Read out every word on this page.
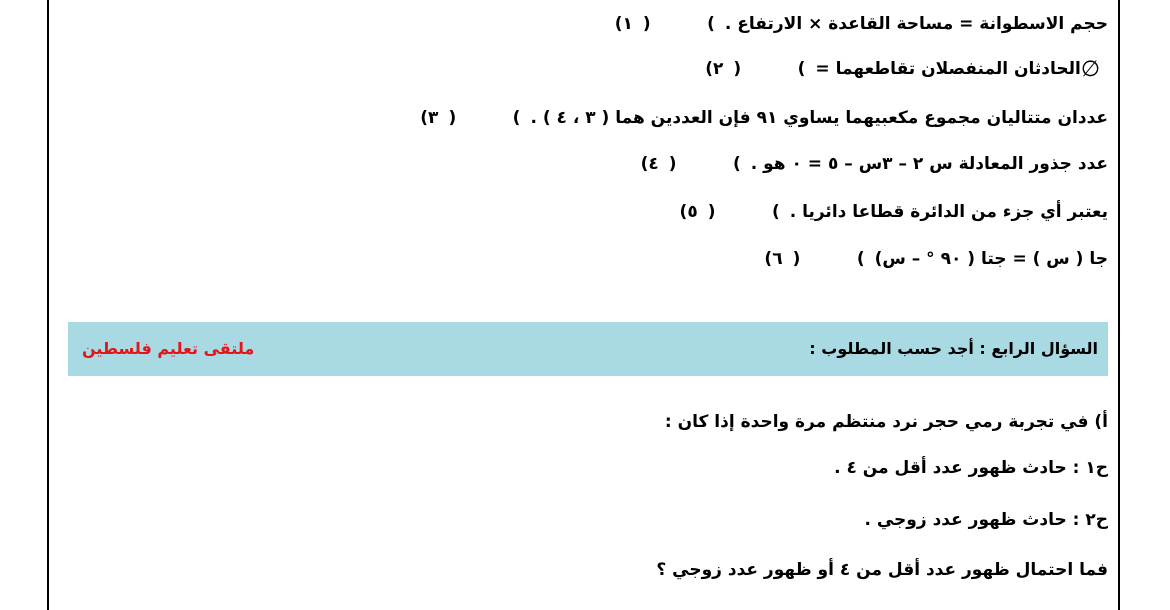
١) )	( حجم الاسطوانة = مساحة القاعدة × الارتفاع .
٢) )	( الحادثان المنفصلان تقاطعهما = ∅
٣) )	( عددان متتاليان مجموع مكعبيهما يساوي ٩١ فإن العددين هما ( ٣ ، ٤ ) .
٤) )	( عدد جذور المعادلة س ٢ – ٣س – ٥ = ٠ هو .
٥) )	( يعتبر أي جزء من الدائرة قطاعا دائريا .
٦) )	( جا ( س ) = جتا ( ٩٠ ° – س)
السؤال الرابع : أجد حسب المطلوب :
ملتقى تعليم فلسطين
أ) في تجربة رمي حجر نرد منتظم مرة واحدة إذا كان :
ح١ : حادث ظهور عدد أقل من ٤ .
ح٢ : حادث ظهور عدد زوجي .
فما احتمال ظهور عدد أقل من ٤ أو ظهور عدد زوجي ؟
